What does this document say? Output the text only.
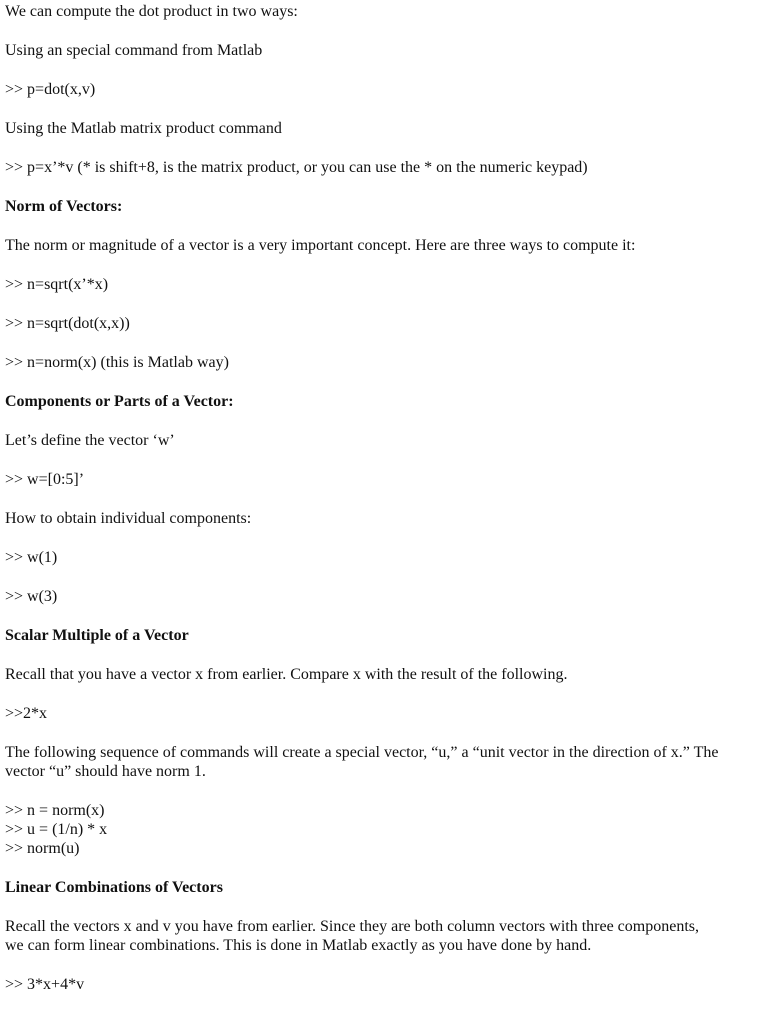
We can compute the dot product in two ways:
Using an special command from Matlab
>> p=dot(x,v)
Using the Matlab matrix product command
>> p=x’*v (* is shift+8, is the matrix product, or you can use the * on the numeric keypad)
Norm of Vectors:
The norm or magnitude of a vector is a very important concept. Here are three ways to compute it:
>> n=sqrt(x’*x)
>> n=sqrt(dot(x,x))
>> n=norm(x) (this is Matlab way)
Components or Parts of a Vector:
Let’s define the vector ‘w’
>> w=[0:5]’
How to obtain individual components:
>> w(1)
>> w(3)
Scalar Multiple of a Vector
Recall that you have a vector x from earlier. Compare x with the result of the following.
>>2*x
The following sequence of commands will create a special vector, “u,” a “unit vector in the direction of x.” The
vector “u” should have norm 1.
>> n = norm(x)
>> u = (1/n) * x
>> norm(u)
Linear Combinations of Vectors
Recall the vectors x and v you have from earlier. Since they are both column vectors with three components,
we can form linear combinations. This is done in Matlab exactly as you have done by hand.
>> 3*x+4*v
